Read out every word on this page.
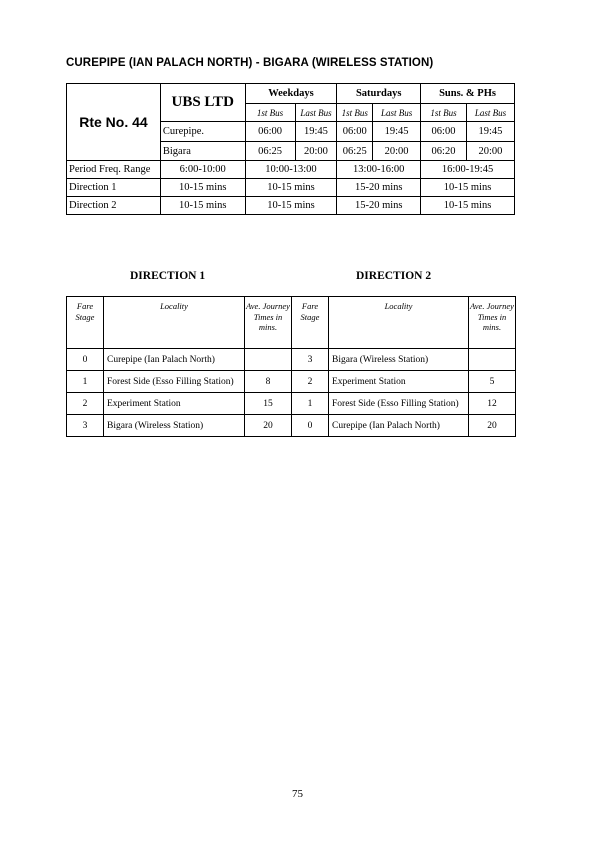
CUREPIPE (IAN PALACH NORTH) - BIGARA (WIRELESS STATION)
Rte No. 44	UBS LTD	Weekdays		Saturdays		Suns. & PHs	
		1st Bus	Last Bus	1st Bus	Last Bus	1st Bus	Last Bus
	Curepipe.	06:00	19:45	06:00	19:45	06:00	19:45
	Bigara	06:25	20:00	06:25	20:00	06:20	20:00
Period Freq. Range	6:00-10:00	10:00-13:00		13:00-16:00		16:00-19:45	
Direction 1	10-15 mins	10-15 mins		15-20 mins		10-15 mins	
Direction 2	10-15 mins	10-15 mins		15-20 mins		10-15 mins	
DIRECTION 1	DIRECTION 2
Fare Stage	Locality	Ave. Journey Times in mins.	Fare Stage	Locality	Ave. Journey Times in mins.
0	Curepipe (Ian Palach North)		3	Bigara (Wireless Station)	
1	Forest Side (Esso Filling Station)	8	2	Experiment Station	5
2	Experiment Station	15	1	Forest Side (Esso Filling Station)	12
3	Bigara (Wireless Station)	20	0	Curepipe (Ian Palach North)	20
75
